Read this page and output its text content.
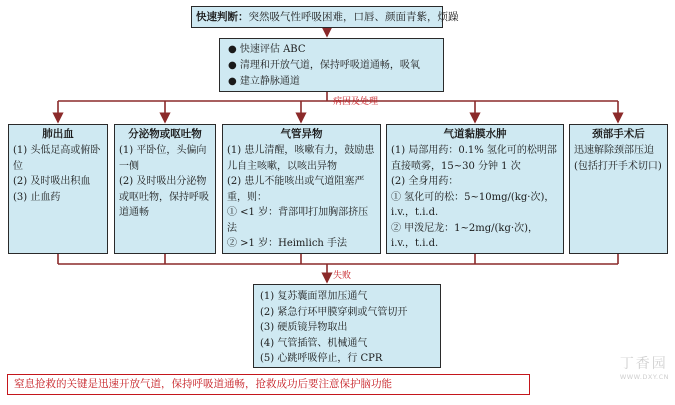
快速判断：突然吸气性呼吸困难，口唇、颜面青紫，烦躁
● 快速评估 ABC
● 清理和开放气道，保持呼吸道通畅，吸氧
● 建立静脉通道
病因及处理
肺出血
(1) 头低足高或俯卧位
(2) 及时吸出积血
(3) 止血药
分泌物或呕吐物
(1) 平卧位，头偏向一侧
(2) 及时吸出分泌物或呕吐物，保持呼吸道通畅
气管异物
(1) 患儿清醒，咳嗽有力，鼓励患儿自主咳嗽，以咳出异物
(2) 患儿不能咳出或气道阻塞严重，则：
① <1 岁：背部叩打加胸部挤压法
② >1 岁：Heimlich 手法
气道黏膜水肿
(1) 局部用药：0.1% 氢化可的松明部直接喷雾，15~30 分钟 1 次
(2) 全身用药：
① 氢化可的松：5~10mg/(kg·次)，i.v.，t.i.d.
② 甲泼尼龙：1~2mg/(kg·次)，i.v.，t.i.d.
颈部手术后
迅速解除颈部压迫(包括打开手术切口)
失败
(1) 复苏囊面罩加压通气
(2) 紧急行环甲膜穿刺或气管切开
(3) 硬质镜异物取出
(4) 气管插管、机械通气
(5) 心跳呼吸停止，行 CPR
窒息抢救的关键是迅速开放气道，保持呼吸道通畅，抢救成功后要注意保护脑功能
丁香园
WWW.DXY.CN
